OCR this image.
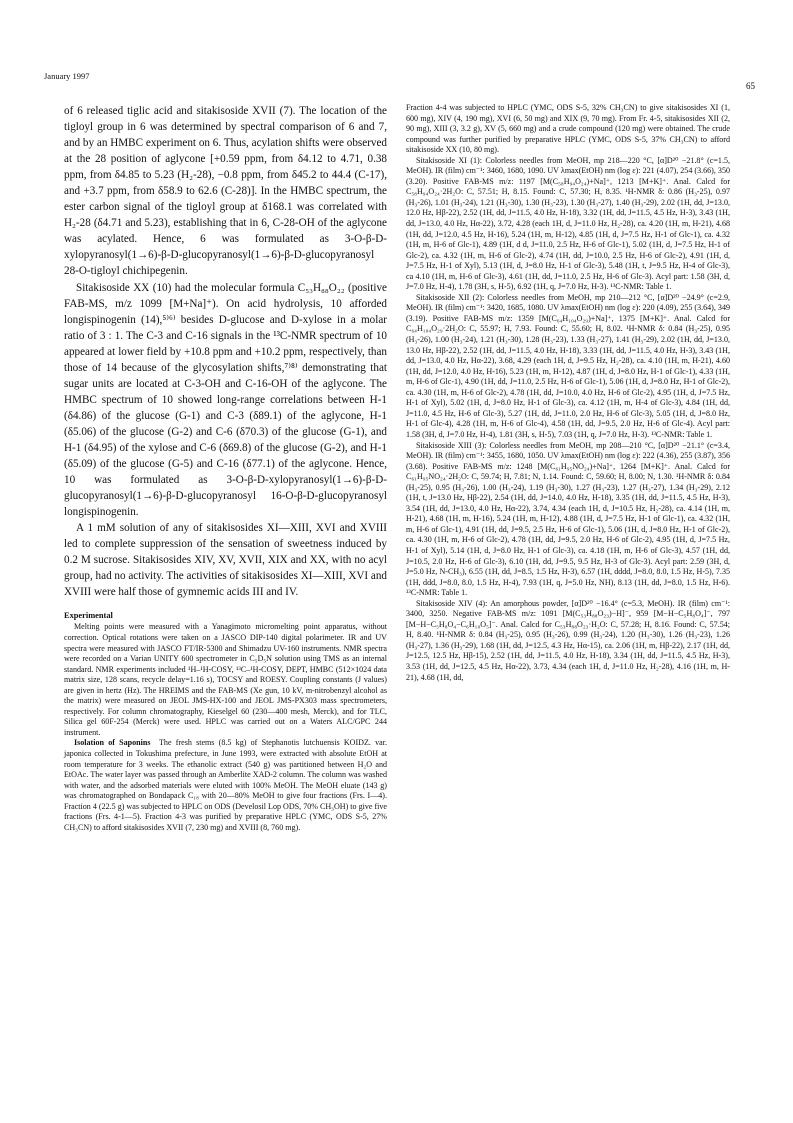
January 1997
65

of 6 released tiglic acid and sitakisoside XVII (7). The location of the tigloyl group in 6 was determined by spectral comparison of 6 and 7, and by an HMBC experiment on 6. Thus, acylation shifts were observed at the 28 position of aglycone [+0.59 ppm, from δ4.12 to 4.71, 0.38 ppm, from δ4.85 to 5.23 (H₂-28), −0.8 ppm, from δ45.2 to 44.4 (C-17), and +3.7 ppm, from δ58.9 to 62.6 (C-28)]. In the HMBC spectrum, the ester carbon signal of the tigloyl group at δ168.1 was correlated with H₂-28 (δ4.71 and 5.23), establishing that in 6, C-28-OH of the aglycone was acylated. Hence, 6 was formulated as 3-O-β-D-xylopyranosyl(1→6)-β-D-glucopyranosyl(1→6)-β-D-glucopyranosyl 28-O-tigloyl chichipegenin.

Sitakisoside XX (10) had the molecular formula C₅₃H₈₈O₂₂ (positive FAB-MS, m/z 1099 [M+Na]⁺). On acid hydrolysis, 10 afforded longispinogenin (14),⁵⁾⁶⁾ besides D-glucose and D-xylose in a molar ratio of 3 : 1. The C-3 and C-16 signals in the ¹³C-NMR spectrum of 10 appeared at lower field by +10.8 ppm and +10.2 ppm, respectively, than those of 14 because of the glycosylation shifts,⁷⁾⁸⁾ demonstrating that sugar units are located at C-3-OH and C-16-OH of the aglycone. The HMBC spectrum of 10 showed long-range correlations between H-1 (δ4.86) of the glucose (G-1) and C-3 (δ89.1) of the aglycone, H-1 (δ5.06) of the glucose (G-2) and C-6 (δ70.3) of the glucose (G-1), and H-1 (δ4.95) of the xylose and C-6 (δ69.8) of the glucose (G-2), and H-1 (δ5.09) of the glucose (G-5) and C-16 (δ77.1) of the aglycone. Hence, 10 was formulated as 3-O-β-D-xylopyranosyl(1→6)-β-D-glucopyranosyl(1→6)-β-D-glucopyranosyl 16-O-β-D-glucopyranosyl longispinogenin.

A 1 mM solution of any of sitakisosides XI—XIII, XVI and XVIII led to complete suppression of the sensation of sweetness induced by 0.2 M sucrose. Sitakisosides XIV, XV, XVII, XIX and XX, with no acyl group, had no activity. The activities of sitakisosides XI—XIII, XVI and XVIII were half those of gymnemic acids III and IV.

Experimental

Melting points were measured with a Yanagimoto micromelting point apparatus, without correction. Optical rotations were taken on a JASCO DIP-140 digital polarimeter. IR and UV spectra were measured with JASCO FT/IR-5300 and Shimadzu UV-160 instruments. NMR spectra were recorded on a Varian UNITY 600 spectrometer in C₅D₅N solution using TMS as an internal standard. NMR experiments included ¹H–¹H-COSY, ¹³C–¹H-COSY, DEPT, HMBC (512×1024 data matrix size, 128 scans, recycle delay=1.16 s), TOCSY and ROESY. Coupling constants (J values) are given in hertz (Hz). The HREIMS and the FAB-MS (Xe gun, 10 kV, m-nitrobenzyl alcohol as the matrix) were measured on JEOL JMS-HX-100 and JEOL JMS-PX303 mass spectrometers, respectively. For column chromatography, Kieselgel 60 (230—400 mesh, Merck), and for TLC, Silica gel 60F-254 (Merck) were used. HPLC was carried out on a Waters ALC/GPC 244 instrument.

Isolation of Saponins The fresh stems (8.5 kg) of Stephanotis lutchuensis KOIDZ. var. japonica collected in Tokushima prefecture, in June 1993, were extracted with absolute EtOH at room temperature for 3 weeks. The ethanolic extract (540 g) was partitioned between H₂O and EtOAc. The water layer was passed through an Amberlite XAD-2 column. The column was washed with water, and the adsorbed materials were eluted with 100% MeOH. The MeOH eluate (143 g) was chromatographed on Bondapack C₁₈ with 20—80% MeOH to give four fractions (Frs. I—4). Fraction 4 (22.5 g) was subjected to HPLC on ODS (Develosil Lop ODS, 70% CH₃OH) to give five fractions (Frs. 4-1—5). Fraction 4-3 was purified by preparative HPLC (YMC, ODS S-5, 27% CH₃CN) to afford sitakisosides XVII (7, 230 mg) and XVIII (8, 760 mg).

Fraction 4-4 was subjected to HPLC (YMC, ODS S-5, 32% CH₃CN) to give sitakisosides XI (1, 600 mg), XIV (4, 190 mg), XVI (6, 50 mg) and XIX (9, 70 mg). From Fr. 4-5, sitakisosides XII (2, 90 mg), XIII (3, 3.2 g), XV (5, 660 mg) and a crude compound (120 mg) were obtained. The crude compound was further purified by preparative HPLC (YMC, ODS S-5, 37% CH₃CN) to afford sitakisoside XX (10, 80 mg).

Sitakisoside XI (1): Colorless needles from MeOH, mp 218—220 °C, [α]D²⁰ −21.8° (c=1.5, MeOH). IR (film) cm⁻¹: 3460, 1680, 1090. UV λmax(EtOH) nm (log ε): 221 (4.07), 254 (3.66), 350 (3.20). Positive FAB-MS m/z: 1197 [M(C₅₈H₉₄O₂₄)+Na]⁺, 1213 [M+K]⁺. Anal. Calcd for C₅₈H₉₄O₂₄·2H₂O: C, 57.51; H, 8.15. Found: C, 57.30; H, 8.35. ¹H-NMR δ: 0.86 (H₃-25), 0.97 (H₃-26), 1.01 (H₃-24), 1.21 (H₃-30), 1.30 (H₃-23), 1.30 (H₃-27), 1.40 (H₃-29), 2.02 (1H, dd, J=13.0, 12.0 Hz, Hβ-22), 2.52 (1H, dd, J=11.5, 4.0 Hz, H-18), 3.32 (1H, dd, J=11.5, 4.5 Hz, H-3), 3.43 (1H, dd, J=13.0, 4.0 Hz, Hα-22), 3.72, 4.28 (each 1H, d, J=11.0 Hz, H₂-28), ca. 4.20 (1H, m, H-21), 4.68 (1H, dd, J=12.0, 4.5 Hz, H-16), 5.24 (1H, m, H-12), 4.85 (1H, d, J=7.5 Hz, H-1 of Glc-1), ca. 4.32 (1H, m, H-6 of Glc-1), 4.89 (1H, d d, J=11.0, 2.5 Hz, H-6 of Glc-1), 5.02 (1H, d, J=7.5 Hz, H-1 of Glc-2), ca. 4.32 (1H, m, H-6 of Glc-2), 4.74 (1H, dd, J=10.0, 2.5 Hz, H-6 of Glc-2), 4.91 (1H, d, J=7.5 Hz, H-1 of Xyl), 5.13 (1H, d, J=8.0 Hz, H-1 of Glc-3), 5.48 (1H, t, J=9.5 Hz, H-4 of Glc-3), ca 4.10 (1H, m, H-6 of Glc-3), 4.61 (1H, dd, J=11.0, 2.5 Hz, H-6 of Glc-3). Acyl part: 1.58 (3H, d, J=7.0 Hz, H-4), 1.78 (3H, s, H-5), 6.92 (1H, q, J=7.0 Hz, H-3). ¹³C-NMR: Table 1.

Sitakisoside XII (2): Colorless needles from MeOH, mp 210—212 °C, [α]D²⁰ −24.9° (c=2.9, MeOH). IR (film) cm⁻¹: 3420, 1685, 1080. UV λmax(EtOH) nm (log ε): 220 (4.09), 255 (3.64), 349 (3.19). Positive FAB-MS m/z: 1359 [M(C₆₄H₁₀₄O₂₉)+Na]⁺, 1375 [M+K]⁺. Anal. Calcd for C₆₄H₁₀₄O₂₉·2H₂O: C, 55.97; H, 7.93. Found: C, 55.60; H, 8.02. ¹H-NMR δ: 0.84 (H₃-25), 0.95 (H₃-26), 1.00 (H₃-24), 1.21 (H₃-30), 1.28 (H₃-23), 1.33 (H₃-27), 1.41 (H₃-29), 2.02 (1H, dd, J=13.0, 13.0 Hz, Hβ-22), 2.52 (1H, dd, J=11.5, 4.0 Hz, H-18), 3.33 (1H, dd, J=11.5, 4.0 Hz, H-3), 3.43 (1H, dd, J=13.0, 4.0 Hz, Hα-22), 3.68, 4.29 (each 1H, d, J=9.5 Hz, H₂-28), ca. 4.10 (1H, m, H-21), 4.60 (1H, dd, J=12.0, 4.0 Hz, H-16), 5.23 (1H, m, H-12), 4.87 (1H, d, J=8.0 Hz, H-1 of Glc-1), 4.33 (1H, m, H-6 of Glc-1), 4.90 (1H, dd, J=11.0, 2.5 Hz, H-6 of Glc-1), 5.06 (1H, d, J=8.0 Hz, H-1 of Glc-2), ca. 4.30 (1H, m, H-6 of Glc-2), 4.78 (1H, dd, J=10.0, 4.0 Hz, H-6 of Glc-2), 4.95 (1H, d, J=7.5 Hz, H-1 of Xyl), 5.02 (1H, d, J=8.0 Hz, H-1 of Glc-3), ca. 4.12 (1H, m, H-4 of Glc-3), 4.84 (1H, dd, J=11.0, 4.5 Hz, H-6 of Glc-3), 5.27 (1H, dd, J=11.0, 2.0 Hz, H-6 of Glc-3), 5.05 (1H, d, J=8.0 Hz, H-1 of Glc-4), 4.28 (1H, m, H-6 of Glc-4), 4.58 (1H, dd, J=9.5, 2.0 Hz, H-6 of Glc-4). Acyl part: 1.58 (3H, d, J=7.0 Hz, H-4), 1.81 (3H, s, H-5), 7.03 (1H, q, J=7.0 Hz, H-3). ¹³C-NMR: Table 1.

Sitakisoside XIII (3): Colorless needles from MeOH, mp 208—210 °C, [α]D²⁰ −21.1° (c=3.4, MeOH). IR (film) cm⁻¹: 3455, 1680, 1050. UV λmax(EtOH) nm (log ε): 222 (4.36), 255 (3.87), 356 (3.68). Positive FAB-MS m/z: 1248 [M(C₆₁H₉₅NO₂₄)+Na]⁺, 1264 [M+K]⁺. Anal. Calcd for C₆₁H₉₅NO₂₄·2H₂O: C, 59.74; H, 7.81; N, 1.14. Found: C, 59.60; H, 8.00; N, 1.30. ¹H-NMR δ: 0.84 (H₃-25), 0.95 (H₃-26), 1.00 (H₃-24), 1.19 (H₃-30), 1.27 (H₃-23), 1.27 (H₃-27), 1.34 (H₃-29), 2.12 (1H, t, J=13.0 Hz, Hβ-22), 2.54 (1H, dd, J=14.0, 4.0 Hz, H-18), 3.35 (1H, dd, J=11.5, 4.5 Hz, H-3), 3.54 (1H, dd, J=13.0, 4.0 Hz, Hα-22), 3.74, 4.34 (each 1H, d, J=10.5 Hz, H₂-28), ca. 4.14 (1H, m, H-21), 4.68 (1H, m, H-16), 5.24 (1H, m, H-12), 4.88 (1H, d, J=7.5 Hz, H-1 of Glc-1), ca. 4.32 (1H, m, H-6 of Glc-1), 4.91 (1H, dd, J=9.5, 2.5 Hz, H-6 of Glc-1), 5.06 (1H, d, J=8.0 Hz, H-1 of Glc-2), ca. 4.30 (1H, m, H-6 of Glc-2), 4.78 (1H, dd, J=9.5, 2.0 Hz, H-6 of Glc-2), 4.95 (1H, d, J=7.5 Hz, H-1 of Xyl), 5.14 (1H, d, J=8.0 Hz, H-1 of Glc-3), ca. 4.18 (1H, m, H-6 of Glc-3), 4.57 (1H, dd, J=10.5, 2.0 Hz, H-6 of Glc-3), 6.10 (1H, dd, J=9.5, 9.5 Hz, H-3 of Glc-3). Acyl part: 2.59 (3H, d, J=5.0 Hz, N-CH₃), 6.55 (1H, dd, J=8.5, 1.5 Hz, H-3), 6.57 (1H, dddd, J=8.0, 8.0, 1.5 Hz, H-5), 7.35 (1H, ddd, J=8.0, 8.0, 1.5 Hz, H-4), 7.93 (1H, q, J=5.0 Hz, NH), 8.13 (1H, dd, J=8.0, 1.5 Hz, H-6). ¹³C-NMR: Table 1.

Sitakisoside XIV (4): An amorphous powder, [α]D²⁰ −16.4° (c=5.3, MeOH). IR (film) cm⁻¹: 3400, 3250. Negative FAB-MS m/z: 1091 [M(C₅₃H₈₈O₂₃)−H]⁻, 959 [M−H−C₅H₈O₄]⁻, 797 [M−H−C₅H₈O₄−C₆H₁₀O₅]⁻. Anal. Calcd for C₅₃H₈₈O₂₃·H₂O: C, 57.28; H, 8.16. Found: C, 57.54; H, 8.40. ¹H-NMR δ: 0.84 (H₃-25), 0.95 (H₃-26), 0.99 (H₃-24), 1.20 (H₃-30), 1.26 (H₃-23), 1.26 (H₃-27), 1.36 (H₃-29), 1.68 (1H, dd, J=12.5, 4.3 Hz, Hα-15), ca. 2.06 (1H, m, Hβ-22), 2.17 (1H, dd, J=12.5, 12.5 Hz, Hβ-15), 2.52 (1H, dd, J=11.5, 4.0 Hz, H-18), 3.34 (1H, dd, J=11.5, 4.5 Hz, H-3), 3.53 (1H, dd, J=12.5, 4.5 Hz, Hα-22), 3.73, 4.34 (each 1H, d, J=11.0 Hz, H₂-28), 4.16 (1H, m, H-21), 4.68 (1H, dd,
